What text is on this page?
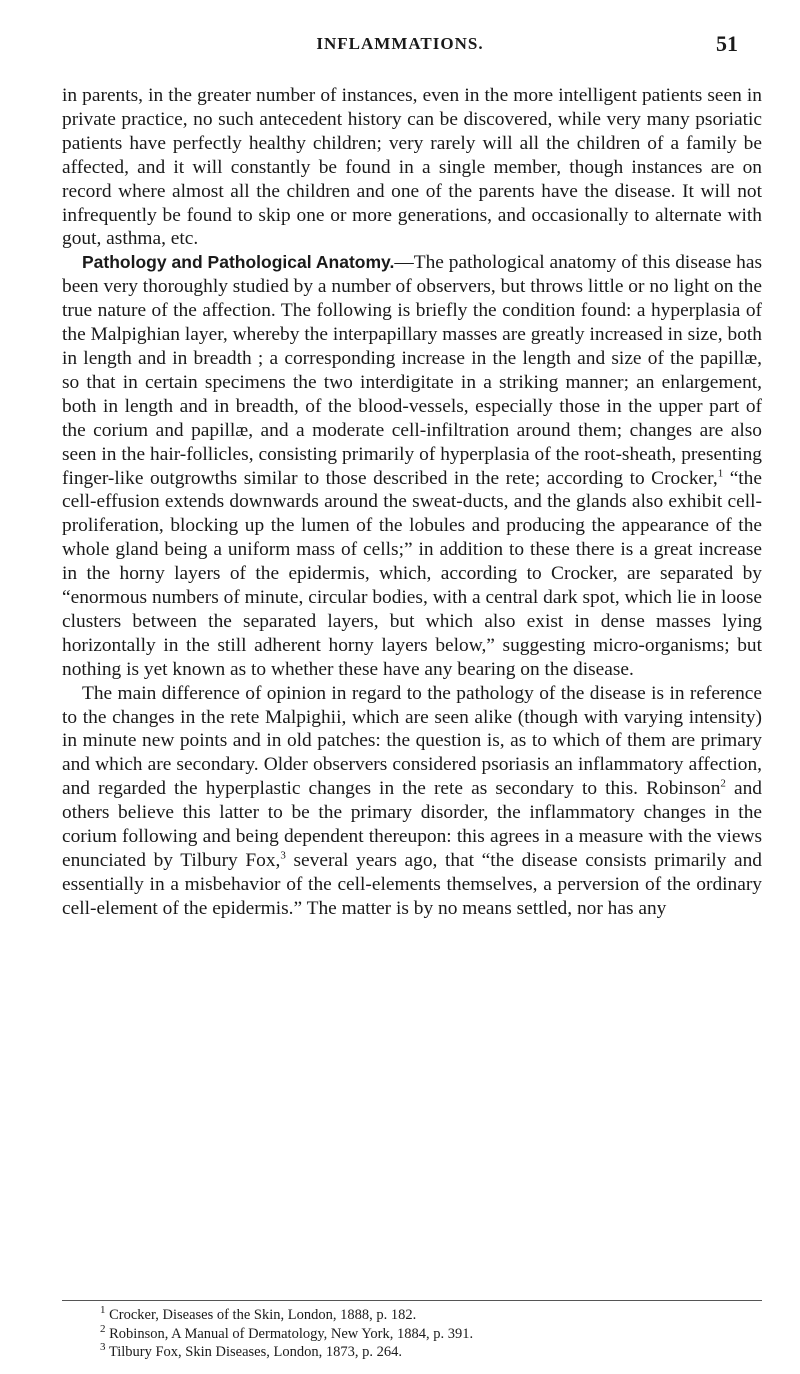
INFLAMMATIONS.	51

in parents, in the greater number of instances, even in the more intelligent patients seen in private practice, no such antecedent history can be discovered, while very many psoriatic patients have perfectly healthy children; very rarely will all the children of a family be affected, and it will constantly be found in a single member, though instances are on record where almost all the children and one of the parents have the disease. It will not infrequently be found to skip one or more generations, and occasionally to alternate with gout, asthma, etc.

Pathology and Pathological Anatomy.—The pathological anatomy of this disease has been very thoroughly studied by a number of observers, but throws little or no light on the true nature of the affection. The following is briefly the condition found: a hyperplasia of the Malpighian layer, whereby the interpapillary masses are greatly increased in size, both in length and in breadth ; a corresponding increase in the length and size of the papillæ, so that in certain specimens the two interdigitate in a striking manner; an enlargement, both in length and in breadth, of the blood-vessels, especially those in the upper part of the corium and papillæ, and a moderate cell-infiltration around them; changes are also seen in the hair-follicles, consisting primarily of hyperplasia of the root-sheath, presenting finger-like outgrowths similar to those described in the rete; according to Crocker,$^1$ “the cell-effusion extends downwards around the sweat-ducts, and the glands also exhibit cell-proliferation, blocking up the lumen of the lobules and producing the appearance of the whole gland being a uniform mass of cells;” in addition to these there is a great increase in the horny layers of the epidermis, which, according to Crocker, are separated by “enormous numbers of minute, circular bodies, with a central dark spot, which lie in loose clusters between the separated layers, but which also exist in dense masses lying horizontally in the still adherent horny layers below,” suggesting micro-organisms; but nothing is yet known as to whether these have any bearing on the disease.

The main difference of opinion in regard to the pathology of the disease is in reference to the changes in the rete Malpighii, which are seen alike (though with varying intensity) in minute new points and in old patches: the question is, as to which of them are primary and which are secondary. Older observers considered psoriasis an inflammatory affection, and regarded the hyperplastic changes in the rete as secondary to this. Robinson$^2$ and others believe this latter to be the primary disorder, the inflammatory changes in the corium following and being dependent thereupon: this agrees in a measure with the views enunciated by Tilbury Fox,$^3$ several years ago, that “the disease consists primarily and essentially in a misbehavior of the cell-elements themselves, a perversion of the ordinary cell-element of the epidermis.” The matter is by no means settled, nor has any

$^1$ Crocker, Diseases of the Skin, London, 1888, p. 182.
$^2$ Robinson, A Manual of Dermatology, New York, 1884, p. 391.
$^3$ Tilbury Fox, Skin Diseases, London, 1873, p. 264.
